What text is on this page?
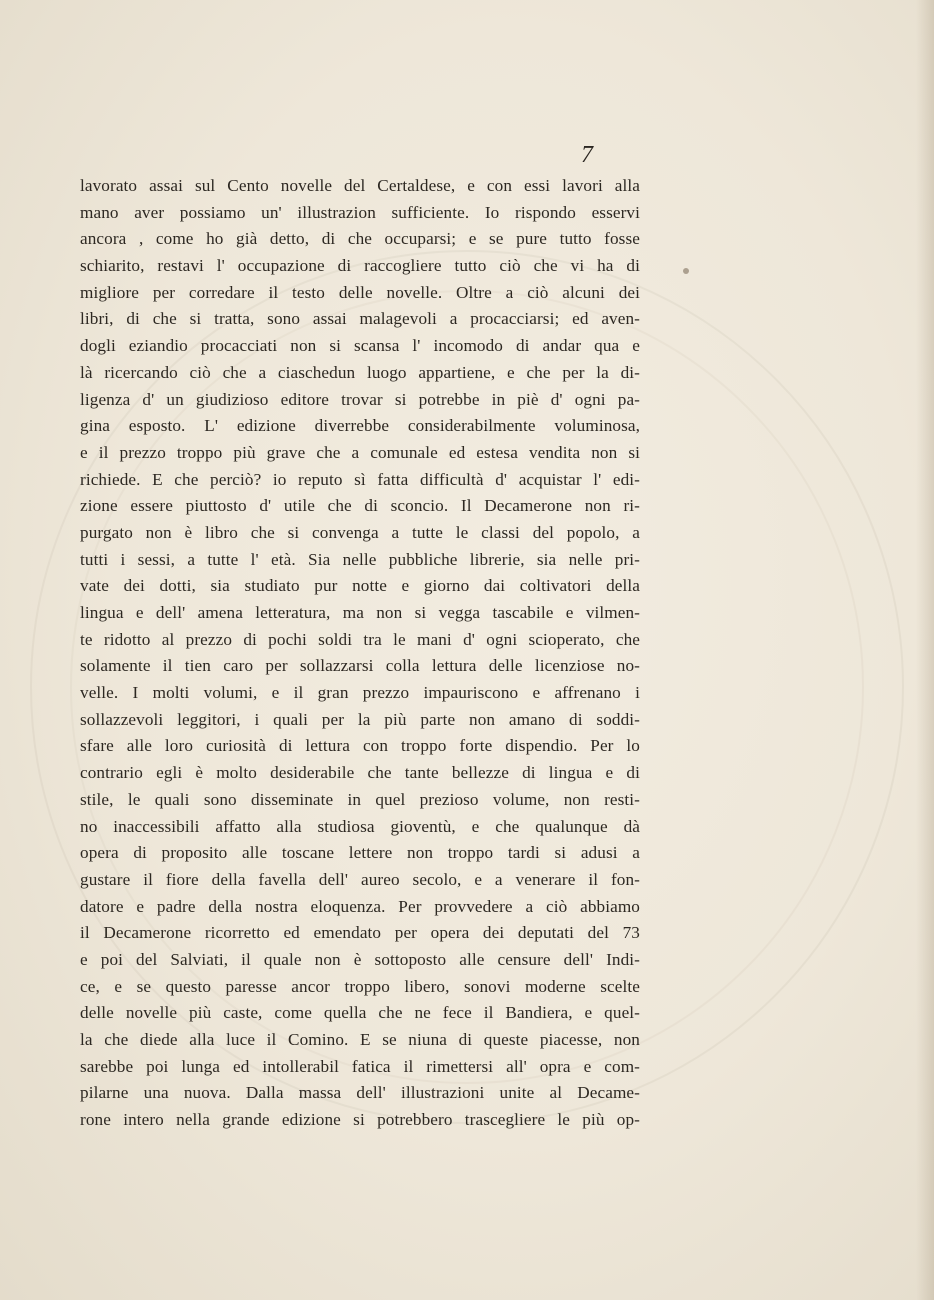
7
lavorato assai sul Cento novelle del Certaldese, e con essi lavori alla
mano aver possiamo un' illustrazion sufficiente. Io rispondo esservi
ancora , come ho già detto, di che occuparsi; e se pure tutto fosse
schiarito, restavi l' occupazione di raccogliere tutto ciò che vi ha di
migliore per corredare il testo delle novelle. Oltre a ciò alcuni dei
libri, di che si tratta, sono assai malagevoli a procacciarsi; ed aven-
dogli eziandio procacciati non si scansa l' incomodo di andar qua e
là ricercando ciò che a ciaschedun luogo appartiene, e che per la di-
ligenza d' un giudizioso editore trovar si potrebbe in piè d' ogni pa-
gina esposto. L' edizione diverrebbe considerabilmente voluminosa,
e il prezzo troppo più grave che a comunale ed estesa vendita non si
richiede. E che perciò? io reputo sì fatta difficultà d' acquistar l' edi-
zione essere piuttosto d' utile che di sconcio. Il Decamerone non ri-
purgato non è libro che si convenga a tutte le classi del popolo, a
tutti i sessi, a tutte l' età. Sia nelle pubbliche librerie, sia nelle pri-
vate dei dotti, sia studiato pur notte e giorno dai coltivatori della
lingua e dell' amena letteratura, ma non si vegga tascabile e vilmen-
te ridotto al prezzo di pochi soldi tra le mani d' ogni scioperato, che
solamente il tien caro per sollazzarsi colla lettura delle licenziose no-
velle. I molti volumi, e il gran prezzo impauriscono e affrenano i
sollazzevoli leggitori, i quali per la più parte non amano di soddi-
sfare alle loro curiosità di lettura con troppo forte dispendio. Per lo
contrario egli è molto desiderabile che tante bellezze di lingua e di
stile, le quali sono disseminate in quel prezioso volume, non resti-
no inaccessibili affatto alla studiosa gioventù, e che qualunque dà
opera di proposito alle toscane lettere non troppo tardi si adusi a
gustare il fiore della favella dell' aureo secolo, e a venerare il fon-
datore e padre della nostra eloquenza. Per provvedere a ciò abbiamo
il Decamerone ricorretto ed emendato per opera dei deputati del 73
e poi del Salviati, il quale non è sottoposto alle censure dell' Indi-
ce, e se questo paresse ancor troppo libero, sonovi moderne scelte
delle novelle più caste, come quella che ne fece il Bandiera, e quel-
la che diede alla luce il Comino. E se niuna di queste piacesse, non
sarebbe poi lunga ed intollerabil fatica il rimettersi all' opra e com-
pilarne una nuova. Dalla massa dell' illustrazioni unite al Decame-
rone intero nella grande edizione si potrebbero trascegliere le più op-
